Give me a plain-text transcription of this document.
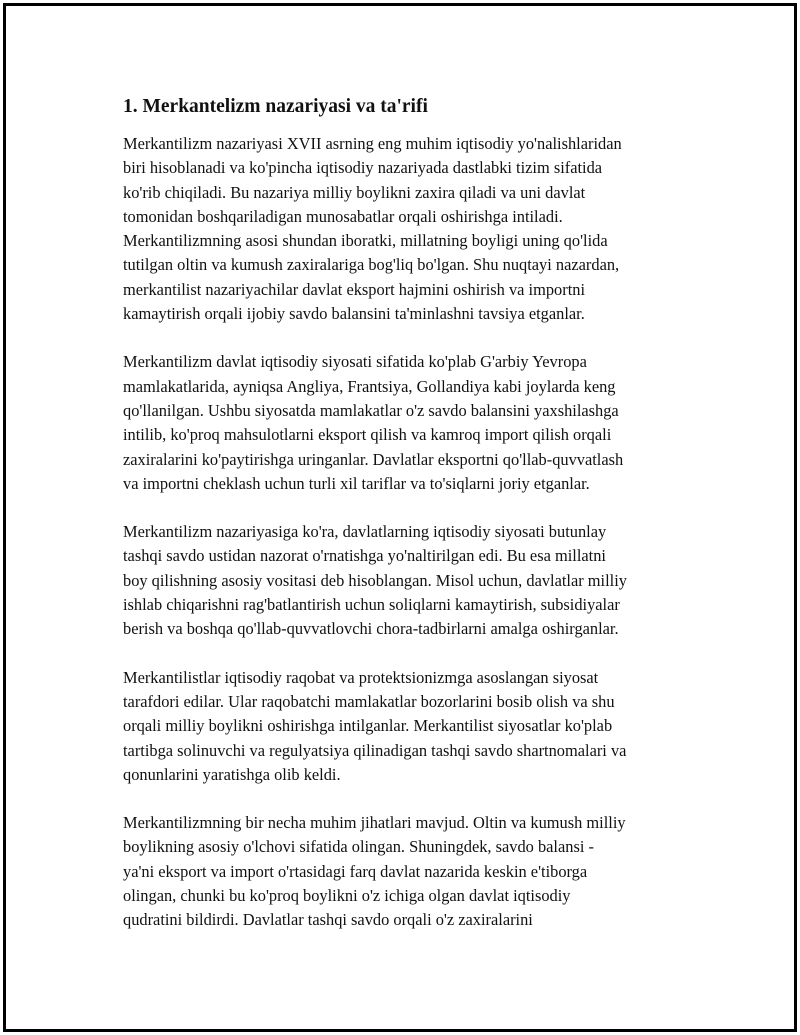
1. Merkantelizm nazariyasi va ta'rifi

Merkantilizm nazariyasi XVII asrning eng muhim iqtisodiy yo'nalishlaridan
biri hisoblanadi va ko'pincha iqtisodiy nazariyada dastlabki tizim sifatida
ko'rib chiqiladi. Bu nazariya milliy boylikni zaxira qiladi va uni davlat
tomonidan boshqariladigan munosabatlar orqali oshirishga intiladi.
Merkantilizmning asosi shundan iboratki, millatning boyligi uning qo'lida
tutilgan oltin va kumush zaxiralariga bog'liq bo'lgan. Shu nuqtayi nazardan,
merkantilist nazariyachilar davlat eksport hajmini oshirish va importni
kamaytirish orqali ijobiy savdo balansini ta'minlashni tavsiya etganlar.

Merkantilizm davlat iqtisodiy siyosati sifatida ko'plab G'arbiy Yevropa
mamlakatlarida, ayniqsa Angliya, Frantsiya, Gollandiya kabi joylarda keng
qo'llanilgan. Ushbu siyosatda mamlakatlar o'z savdo balansini yaxshilashga
intilib, ko'proq mahsulotlarni eksport qilish va kamroq import qilish orqali
zaxiralarini ko'paytirishga uringanlar. Davlatlar eksportni qo'llab-quvvatlash
va importni cheklash uchun turli xil tariflar va to'siqlarni joriy etganlar.

Merkantilizm nazariyasiga ko'ra, davlatlarning iqtisodiy siyosati butunlay
tashqi savdo ustidan nazorat o'rnatishga yo'naltirilgan edi. Bu esa millatni
boy qilishning asosiy vositasi deb hisoblangan. Misol uchun, davlatlar milliy
ishlab chiqarishni rag'batlantirish uchun soliqlarni kamaytirish, subsidiyalar
berish va boshqa qo'llab-quvvatlovchi chora-tadbirlarni amalga oshirganlar.

Merkantilistlar iqtisodiy raqobat va protektsionizmga asoslangan siyosat
tarafdori edilar. Ular raqobatchi mamlakatlar bozorlarini bosib olish va shu
orqali milliy boylikni oshirishga intilganlar. Merkantilist siyosatlar ko'plab
tartibga solinuvchi va regulyatsiya qilinadigan tashqi savdo shartnomalari va
qonunlarini yaratishga olib keldi.

Merkantilizmning bir necha muhim jihatlari mavjud. Oltin va kumush milliy
boylikning asosiy o'lchovi sifatida olingan. Shuningdek, savdo balansi -
ya'ni eksport va import o'rtasidagi farq davlat nazarida keskin e'tiborga
olingan, chunki bu ko'proq boylikni o'z ichiga olgan davlat iqtisodiy
qudratini bildirdi. Davlatlar tashqi savdo orqali o'z zaxiralarini
